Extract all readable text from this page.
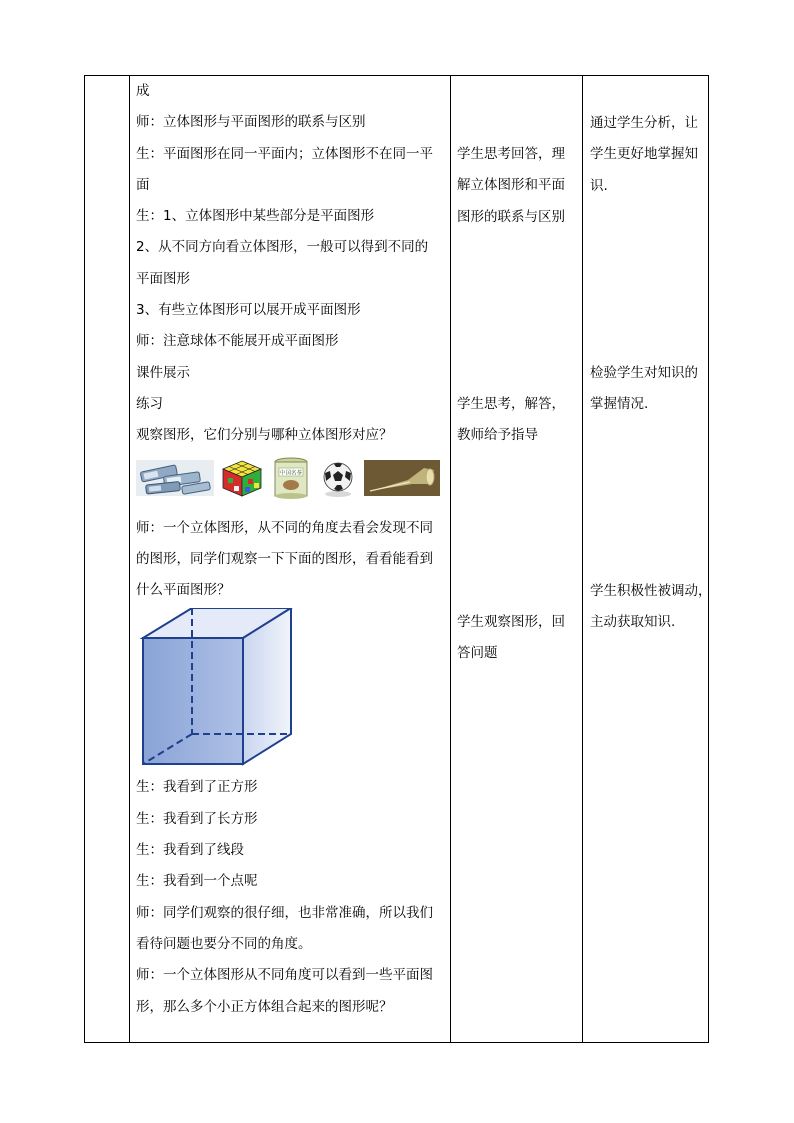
成
师：立体图形与平面图形的联系与区别
生：平面图形在同一平面内；立体图形不在同一平
面
生：1、立体图形中某些部分是平面图形
2、从不同方向看立体图形，一般可以得到不同的
平面图形
3、有些立体图形可以展开成平面图形
师：注意球体不能展开成平面图形
课件展示
练习
观察图形，它们分别与哪种立体图形对应？
中国名茶
师：一个立体图形，从不同的角度去看会发现不同
的图形，同学们观察一下下面的图形，看看能看到
什么平面图形？
生：我看到了正方形
生：我看到了长方形
生：我看到了线段
生：我看到一个点呢
师：同学们观察的很仔细，也非常准确，所以我们
看待问题也要分不同的角度。
师：一个立体图形从不同角度可以看到一些平面图
形，那么多个小正方体组合起来的图形呢？
学生思考回答，理
解立体图形和平面
图形的联系与区别
学生思考，解答，
教师给予指导
学生观察图形，回
答问题
通过学生分析，让
学生更好地掌握知
识.
检验学生对知识的
掌握情况.
学生积极性被调动，
主动获取知识.
